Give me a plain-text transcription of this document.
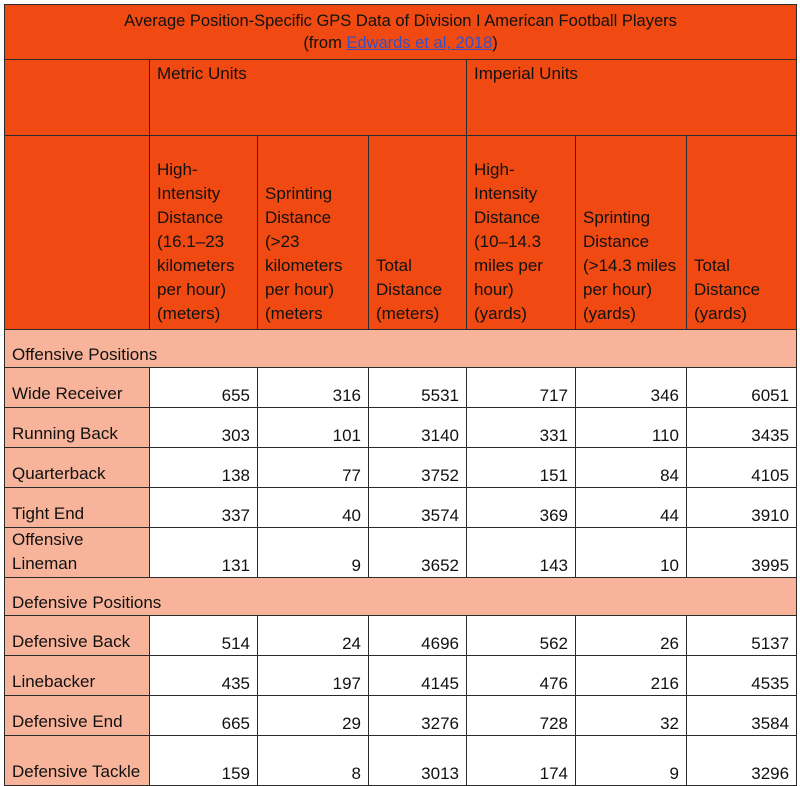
Average Position-Specific GPS Data of Division I American Football Players
(from Edwards et al, 2018)						
	Metric Units			Imperial Units		
	High-Intensity Distance (16.1–23 kilometers per hour) (meters)	Sprinting Distance (>23 kilometers per hour) (meters	Total Distance (meters)	High-Intensity Distance (10–14.3 miles per hour) (yards)	Sprinting Distance (>14.3 miles per hour) (yards)	Total Distance (yards)
Offensive Positions						
Wide Receiver	655	316	5531	717	346	6051
Running Back	303	101	3140	331	110	3435
Quarterback	138	77	3752	151	84	4105
Tight End	337	40	3574	369	44	3910
Offensive Lineman	131	9	3652	143	10	3995
Defensive Positions						
Defensive Back	514	24	4696	562	26	5137
Linebacker	435	197	4145	476	216	4535
Defensive End	665	29	3276	728	32	3584
Defensive Tackle	159	8	3013	174	9	3296
